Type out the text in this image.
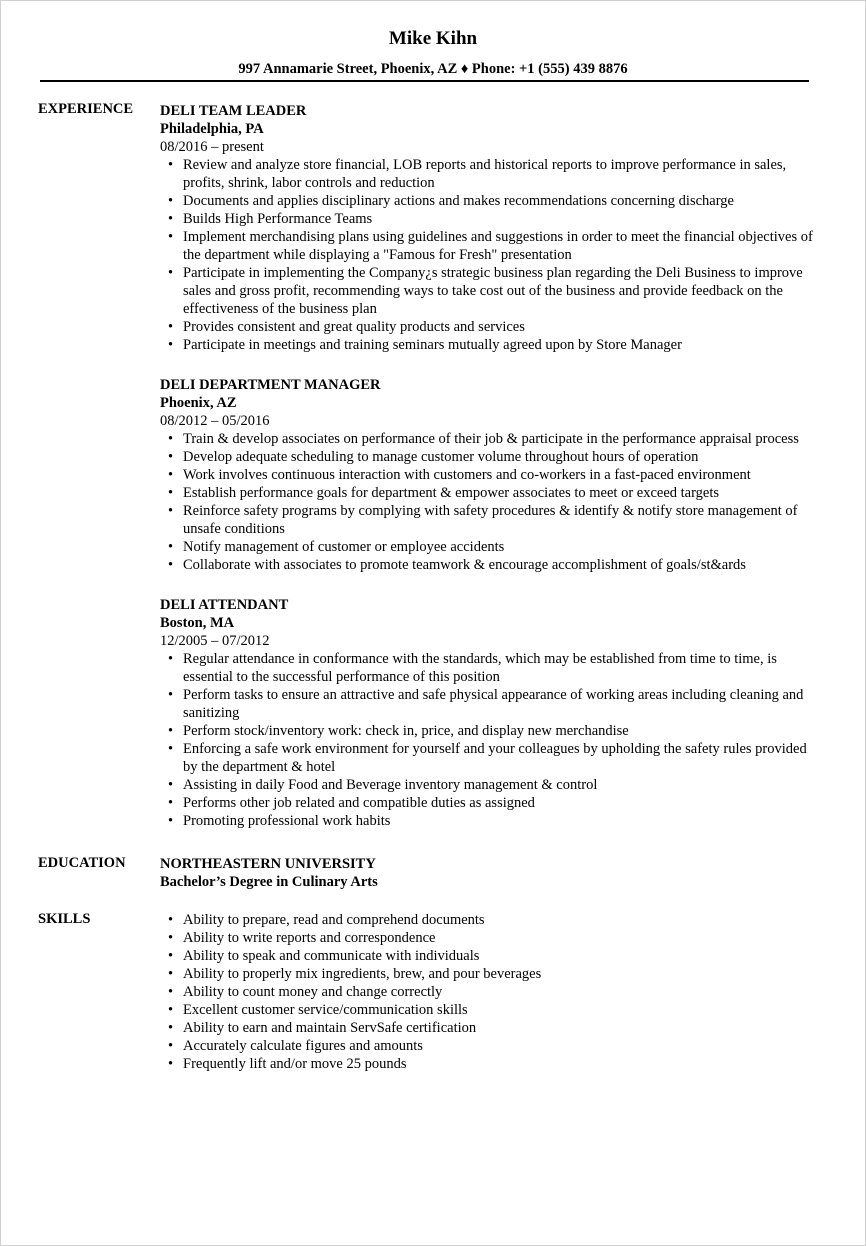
Mike Kihn
997 Annamarie Street, Phoenix, AZ ♦ Phone: +1 (555) 439 8876
EXPERIENCE DELI TEAM LEADER
Philadelphia, PA
08/2016 – present
• Review and analyze store financial, LOB reports and historical reports to improve performance in sales, profits, shrink, labor controls and reduction
• Documents and applies disciplinary actions and makes recommendations concerning discharge
• Builds High Performance Teams
• Implement merchandising plans using guidelines and suggestions in order to meet the financial objectives of the department while displaying a "Famous for Fresh" presentation
• Participate in implementing the Company¿s strategic business plan regarding the Deli Business to improve sales and gross profit, recommending ways to take cost out of the business and provide feedback on the effectiveness of the business plan
• Provides consistent and great quality products and services
• Participate in meetings and training seminars mutually agreed upon by Store Manager
DELI DEPARTMENT MANAGER
Phoenix, AZ
08/2012 – 05/2016
• Train & develop associates on performance of their job & participate in the performance appraisal process
• Develop adequate scheduling to manage customer volume throughout hours of operation
• Work involves continuous interaction with customers and co-workers in a fast-paced environment
• Establish performance goals for department & empower associates to meet or exceed targets
• Reinforce safety programs by complying with safety procedures & identify & notify store management of unsafe conditions
• Notify management of customer or employee accidents
• Collaborate with associates to promote teamwork & encourage accomplishment of goals/st&ards
DELI ATTENDANT
Boston, MA
12/2005 – 07/2012
• Regular attendance in conformance with the standards, which may be established from time to time, is essential to the successful performance of this position
• Perform tasks to ensure an attractive and safe physical appearance of working areas including cleaning and sanitizing
• Perform stock/inventory work: check in, price, and display new merchandise
• Enforcing a safe work environment for yourself and your colleagues by upholding the safety rules provided by the department & hotel
• Assisting in daily Food and Beverage inventory management & control
• Performs other job related and compatible duties as assigned
• Promoting professional work habits
EDUCATION NORTHEASTERN UNIVERSITY
Bachelor’s Degree in Culinary Arts
SKILLS
•	Ability to prepare, read and comprehend documents
• Ability to write reports and correspondence
• Ability to speak and communicate with individuals
• Ability to properly mix ingredients, brew, and pour beverages
• Ability to count money and change correctly
• Excellent customer service/communication skills
• Ability to earn and maintain ServSafe certification
• Accurately calculate figures and amounts
• Frequently lift and/or move 25 pounds
